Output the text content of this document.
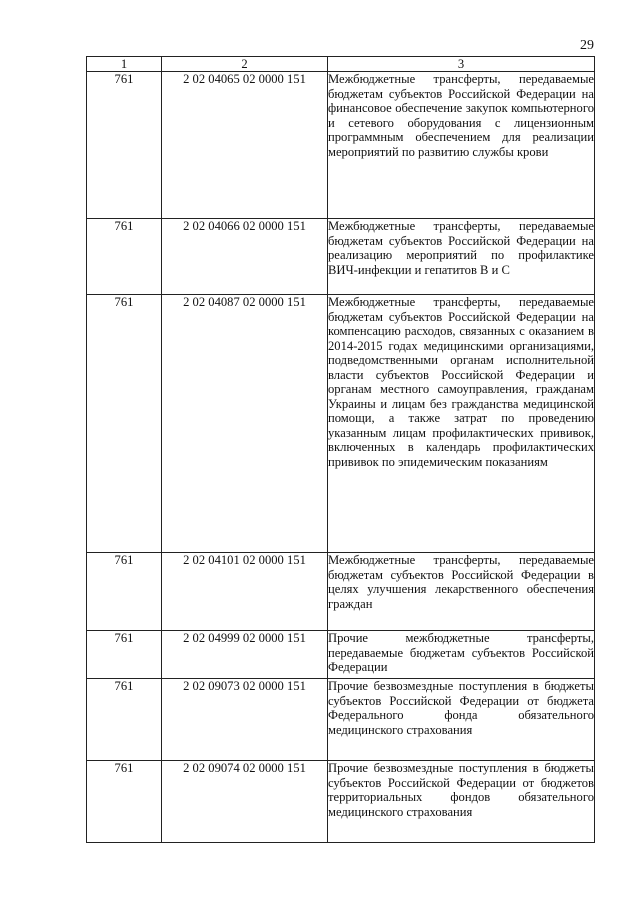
29
1	2	3
761	2 02 04065 02 0000 151	Межбюджетные трансферты, передаваемые бюджетам субъектов Российской Федерации на финансовое обеспечение закупок компьютерного и сетевого оборудования с лицензионным программным обеспечением для реализации мероприятий по развитию службы крови
761	2 02 04066 02 0000 151	Межбюджетные трансферты, передаваемые бюджетам субъектов Российской Федерации на реализацию мероприятий по профилактике ВИЧ-инфекции и гепатитов В и С
761	2 02 04087 02 0000 151	Межбюджетные трансферты, передаваемые бюджетам субъектов Российской Федерации на компенсацию расходов, связанных с оказанием в 2014-2015 годах медицинскими организациями, подведомственными органам исполнительной власти субъектов Российской Федерации и органам местного самоуправления, гражданам Украины и лицам без гражданства медицинской помощи, а также затрат по проведению указанным лицам профилактических прививок, включенных в календарь профилактических прививок по эпидемическим показаниям
761	2 02 04101 02 0000 151	Межбюджетные трансферты, передаваемые бюджетам субъектов Российской Федерации в целях улучшения лекарственного обеспечения граждан
761	2 02 04999 02 0000 151	Прочие межбюджетные трансферты, передаваемые бюджетам субъектов Российской Федерации
761	2 02 09073 02 0000 151	Прочие безвозмездные поступления в бюджеты субъектов Российской Федерации от бюджета Федерального фонда обязательного медицинского страхования
761	2 02 09074 02 0000 151	Прочие безвозмездные поступления в бюджеты субъектов Российской Федерации от бюджетов территориальных фондов обязательного медицинского страхования
